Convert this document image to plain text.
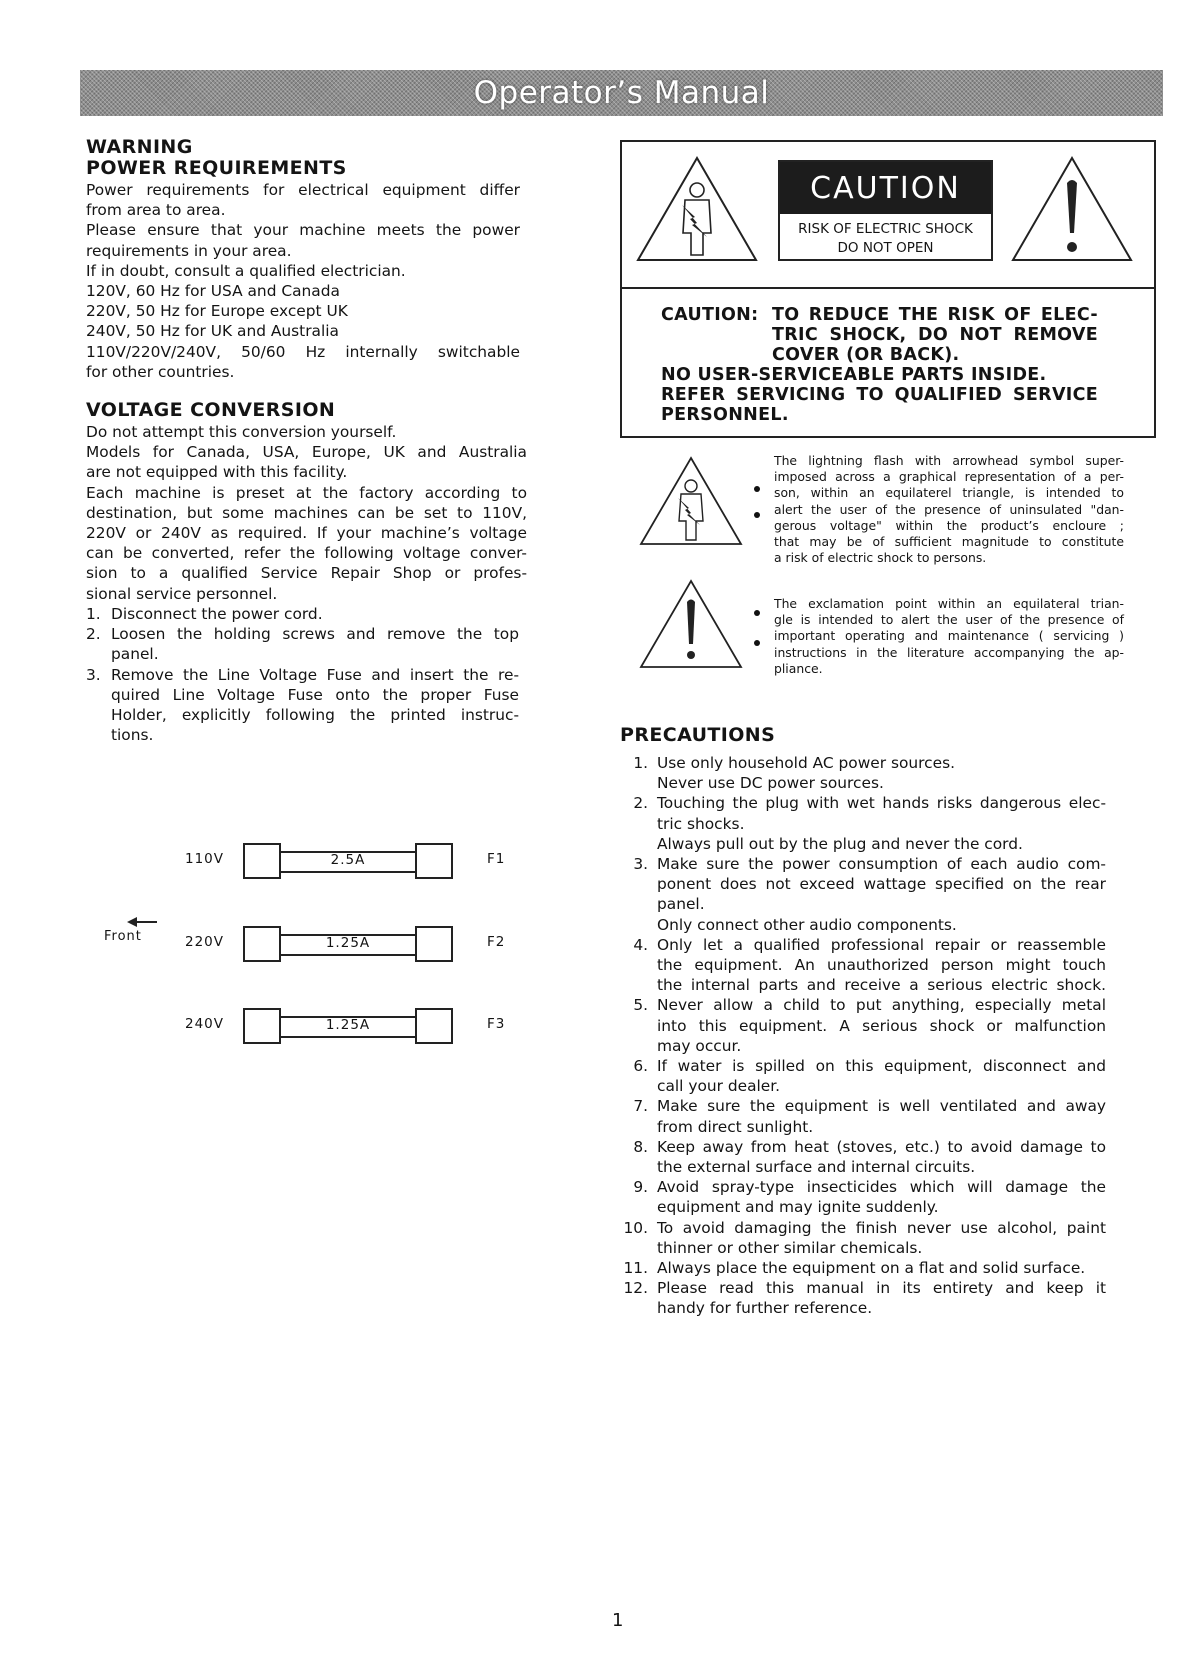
Operator’s Manual
WARNING
POWER REQUIREMENTS
Power requirements for electrical equipment differ
from area to area.
Please ensure that your machine meets the power
requirements in your area.
If in doubt, consult a qualified electrician.
120V, 60 Hz for USA and Canada
220V, 50 Hz for Europe except UK
240V, 50 Hz for UK and Australia
110V/220V/240V, 50/60 Hz internally switchable
for other countries.
VOLTAGE CONVERSION
Do not attempt this conversion yourself.
Models for Canada, USA, Europe, UK and Australia
are not equipped with this facility.
Each machine is preset at the factory according to
destination, but some machines can be set to 110V,
220V or 240V as required. If your machine’s voltage
can be converted, refer the following voltage conver-
sion to a qualified Service Repair Shop or profes-
sional service personnel.
1. Disconnect the power cord.
2. Loosen the holding screws and remove the top
panel.
3. Remove the Line Voltage Fuse and insert the re-
quired Line Voltage Fuse onto the proper Fuse
Holder, explicitly following the printed instruc-
tions.
110V	2.5A	F1
Front	220V	1.25A	F2
240V	1.25A	F3
CAUTION
RISK OF ELECTRIC SHOCK
DO NOT OPEN
CAUTION: TO REDUCE THE RISK OF ELEC-
TRIC SHOCK, DO NOT REMOVE
COVER (OR BACK).
NO USER-SERVICEABLE PARTS INSIDE.
REFER SERVICING TO QUALIFIED SERVICE
PERSONNEL.
The lightning flash with arrowhead symbol super-
imposed across a graphical representation of a per-
son, within an equilaterel triangle, is intended to
alert the user of the presence of uninsulated "dan-
gerous voltage" within the product’s encloure ;
that may be of sufficient magnitude to constitute
a risk of electric shock to persons.
The exclamation point within an equilateral trian-
gle is intended to alert the user of the presence of
important operating and maintenance ( servicing )
instructions in the literature accompanying the ap-
pliance.
PRECAUTIONS
1. Use only household AC power sources.
Never use DC power sources.
2. Touching the plug with wet hands risks dangerous elec-
tric shocks.
Always pull out by the plug and never the cord.
3. Make sure the power consumption of each audio com-
ponent does not exceed wattage specified on the rear
panel.
Only connect other audio components.
4. Only let a qualified professional repair or reassemble
the equipment. An unauthorized person might touch
the internal parts and receive a serious electric shock.
5. Never allow a child to put anything, especially metal
into this equipment. A serious shock or malfunction
may occur.
6. If water is spilled on this equipment, disconnect and
call your dealer.
7. Make sure the equipment is well ventilated and away
from direct sunlight.
8. Keep away from heat (stoves, etc.) to avoid damage to
the external surface and internal circuits.
9. Avoid spray-type insecticides which will damage the
equipment and may ignite suddenly.
10. To avoid damaging the finish never use alcohol, paint
thinner or other similar chemicals.
11. Always place the equipment on a flat and solid surface.
12. Please read this manual in its entirety and keep it
handy for further reference.
1
